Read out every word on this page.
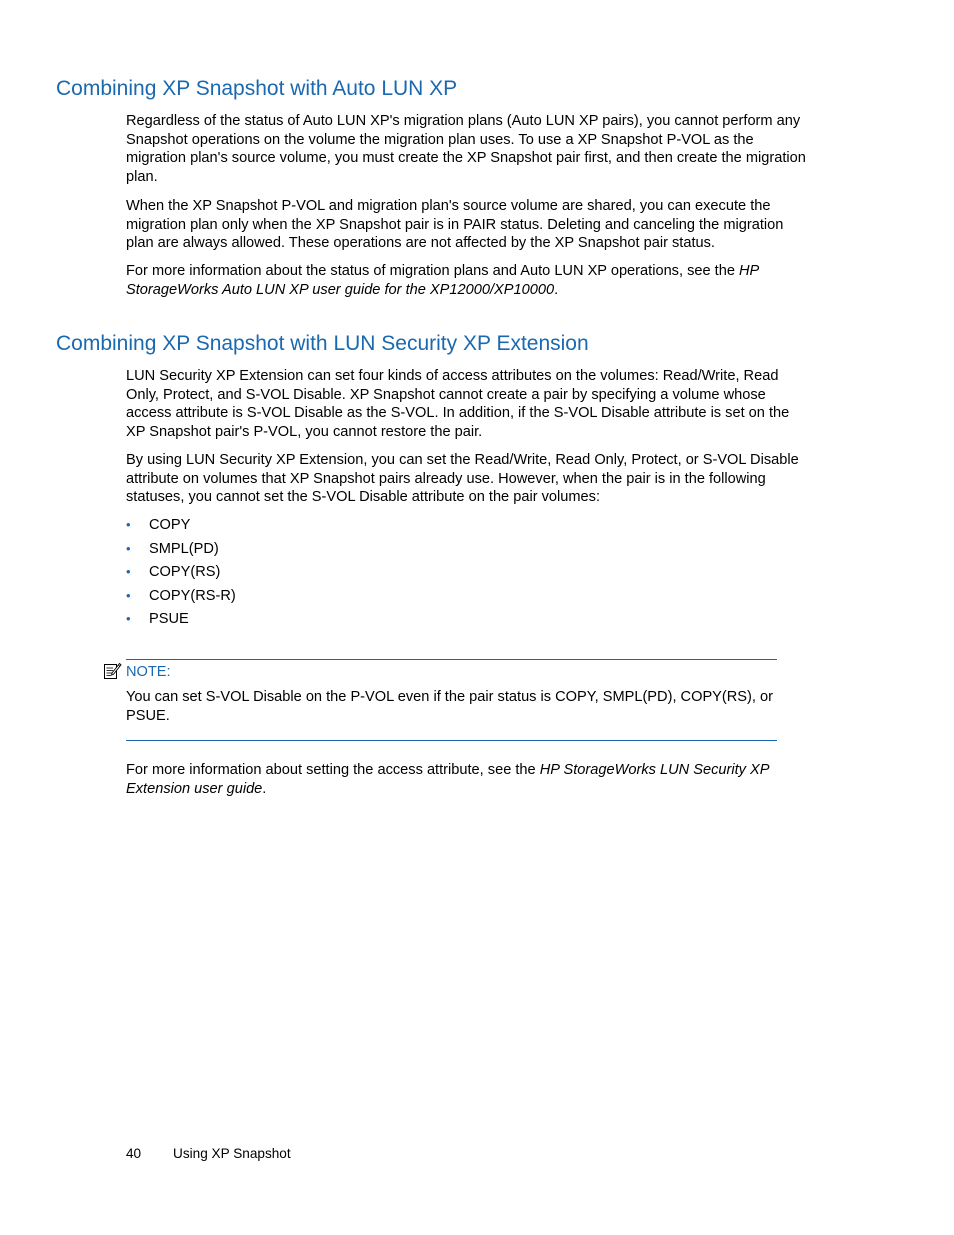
Combining XP Snapshot with Auto LUN XP

Regardless of the status of Auto LUN XP's migration plans (Auto LUN XP pairs), you cannot perform any Snapshot operations on the volume the migration plan uses. To use a XP Snapshot P-VOL as the migration plan's source volume, you must create the XP Snapshot pair first, and then create the migration plan.

When the XP Snapshot P-VOL and migration plan's source volume are shared, you can execute the migration plan only when the XP Snapshot pair is in PAIR status. Deleting and canceling the migration plan are always allowed. These operations are not affected by the XP Snapshot pair status.

For more information about the status of migration plans and Auto LUN XP operations, see the HP StorageWorks Auto LUN XP user guide for the XP12000/XP10000.

Combining XP Snapshot with LUN Security XP Extension

LUN Security XP Extension can set four kinds of access attributes on the volumes: Read/Write, Read Only, Protect, and S-VOL Disable. XP Snapshot cannot create a pair by specifying a volume whose access attribute is S-VOL Disable as the S-VOL. In addition, if the S-VOL Disable attribute is set on the XP Snapshot pair's P-VOL, you cannot restore the pair.

By using LUN Security XP Extension, you can set the Read/Write, Read Only, Protect, or S-VOL Disable attribute on volumes that XP Snapshot pairs already use. However, when the pair is in the following statuses, you cannot set the S-VOL Disable attribute on the pair volumes:

• COPY
• SMPL(PD)
• COPY(RS)
• COPY(RS-R)
• PSUE
NOTE:

You can set S-VOL Disable on the P-VOL even if the pair status is COPY, SMPL(PD), COPY(RS), or PSUE.

For more information about setting the access attribute, see the HP StorageWorks LUN Security XP Extension user guide.

40 Using XP Snapshot
